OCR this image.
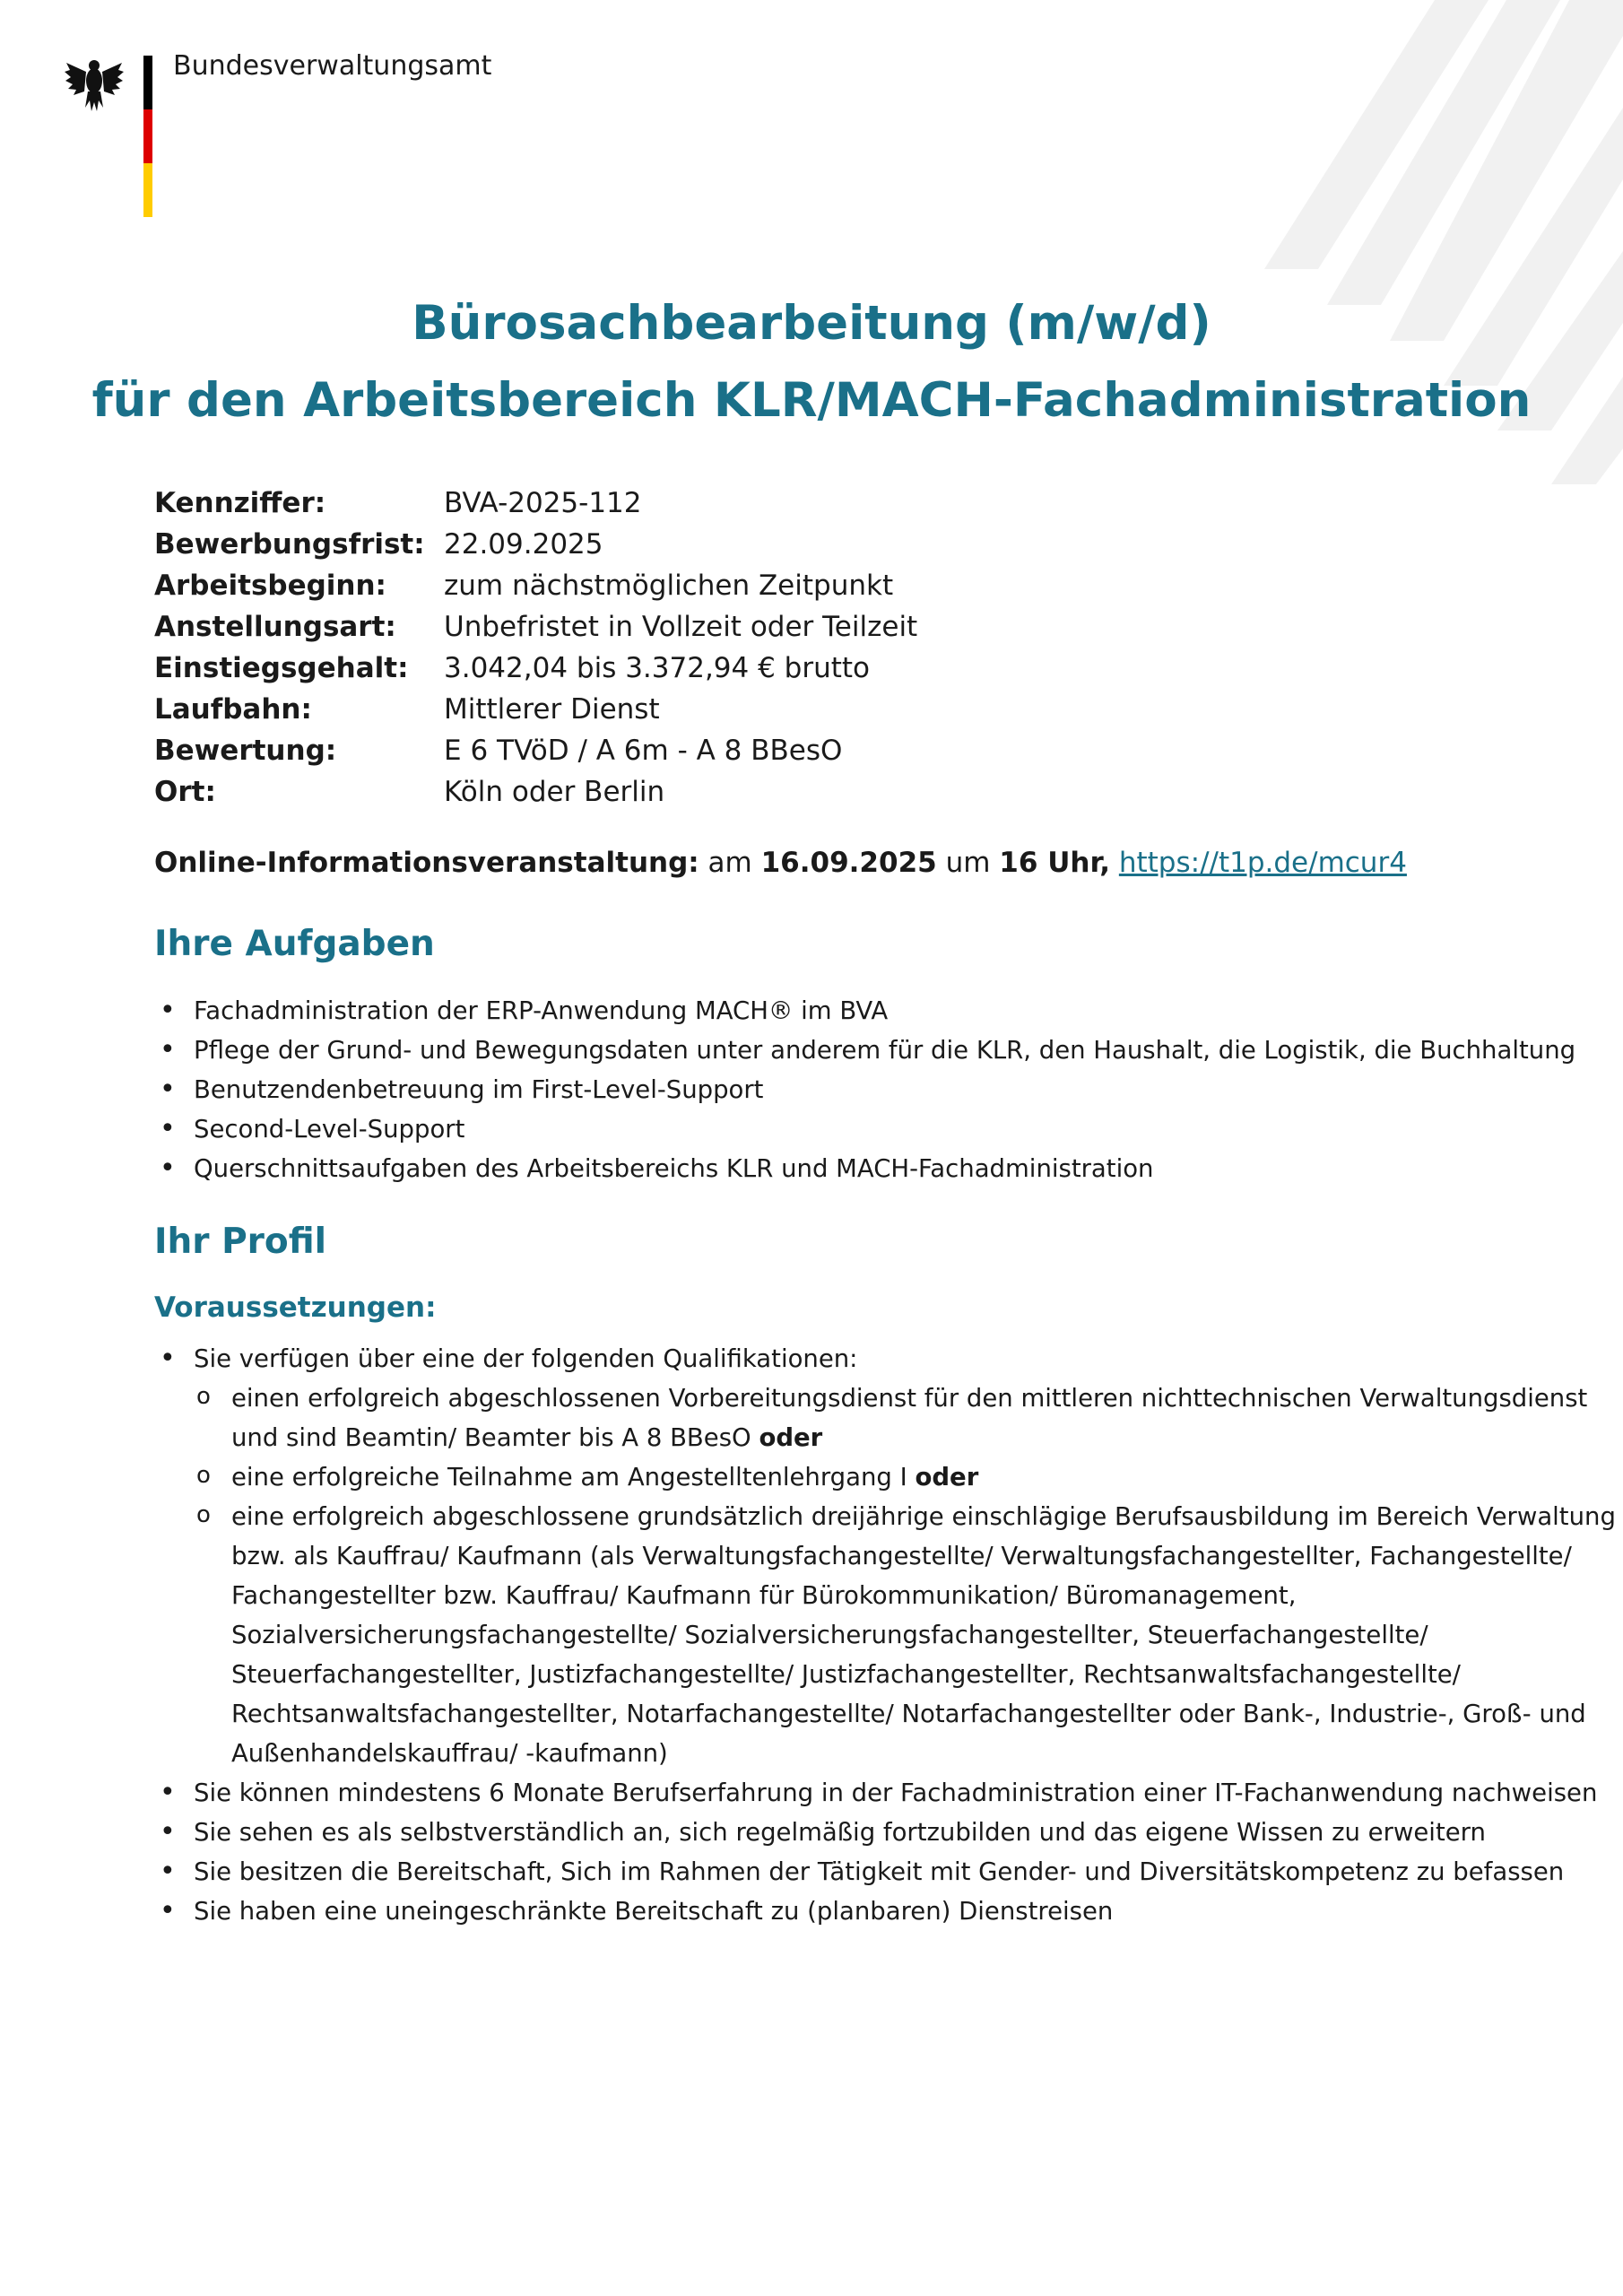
Bundesverwaltungsamt
Bürosachbearbeitung (m/w/d)
für den Arbeitsbereich KLR/MACH-Fachadministration
Kennziffer:	BVA-2025-112
Bewerbungsfrist: 22.09.2025
Arbeitsbeginn:	zum nächstmöglichen Zeitpunkt
Anstellungsart:	Unbefristet in Vollzeit oder Teilzeit
Einstiegsgehalt:	3.042,04 bis 3.372,94 € brutto
Laufbahn:	Mittlerer Dienst
Bewertung:	E 6 TVöD / A 6m - A 8 BBesO
Ort:	Köln oder Berlin
Online-Informationsveranstaltung: am 16.09.2025 um 16 Uhr, https://t1p.de/mcur4
Ihre Aufgaben
• Fachadministration der ERP-Anwendung MACH® im BVA
• Pflege der Grund- und Bewegungsdaten unter anderem für die KLR, den Haushalt, die Logistik, die Buchhaltung
• Benutzendenbetreuung im First-Level-Support
• Second-Level-Support
• Querschnittsaufgaben des Arbeitsbereichs KLR und MACH-Fachadministration
Ihr Profil
Voraussetzungen:
• Sie verfügen über eine der folgenden Qualifikationen:
o einen erfolgreich abgeschlossenen Vorbereitungsdienst für den mittleren nichttechnischen Verwaltungsdienst
und sind Beamtin/ Beamter bis A 8 BBesO oder
o eine erfolgreiche Teilnahme am Angestelltenlehrgang I oder
o eine erfolgreich abgeschlossene grundsätzlich dreijährige einschlägige Berufsausbildung im Bereich Verwaltung
bzw. als Kauffrau/ Kaufmann (als Verwaltungsfachangestellte/ Verwaltungsfachangestellter, Fachangestellte/
Fachangestellter bzw. Kauffrau/ Kaufmann für Bürokommunikation/ Büromanagement,
Sozialversicherungsfachangestellte/ Sozialversicherungsfachangestellter, Steuerfachangestellte/
Steuerfachangestellter, Justizfachangestellte/ Justizfachangestellter, Rechtsanwaltsfachangestellte/
Rechtsanwaltsfachangestellter, Notarfachangestellte/ Notarfachangestellter oder Bank-, Industrie-, Groß- und
Außenhandelskauffrau/ -kaufmann)
• Sie können mindestens 6 Monate Berufserfahrung in der Fachadministration einer IT-Fachanwendung nachweisen
• Sie sehen es als selbstverständlich an, sich regelmäßig fortzubilden und das eigene Wissen zu erweitern
• Sie besitzen die Bereitschaft, Sich im Rahmen der Tätigkeit mit Gender- und Diversitätskompetenz zu befassen
• Sie haben eine uneingeschränkte Bereitschaft zu (planbaren) Dienstreisen
